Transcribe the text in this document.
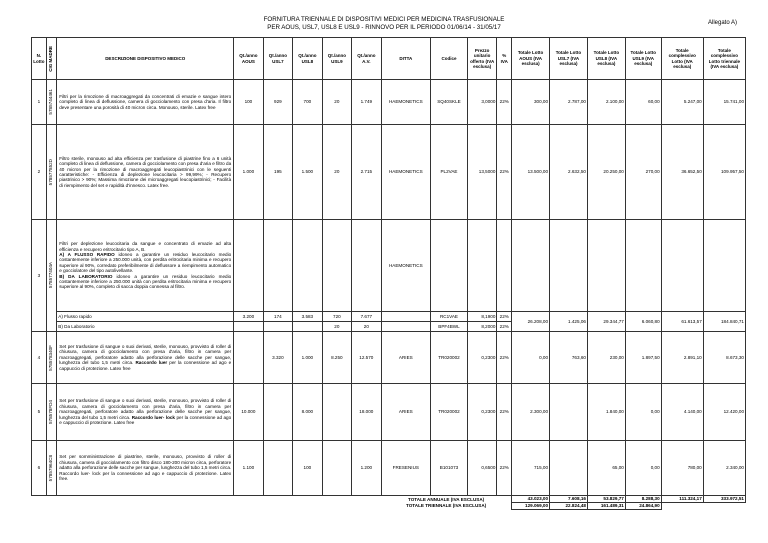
FORNITURA TRIENNALE DI DISPOSITIVI MEDICI PER MEDICINA TRASFUSIONALE
PER AOUS, USL7, USL8 E USL9 - RINNOVO PER IL PERIODO 01/06/14 - 31/05/17
Allegato A)
N. Lotto	CIG MADRE	DESCRIZIONE DISPOSITIVO MEDICO	Qt./anno AOUS	Qt./anno USL7	Qt./anno USL8	Qt./anno USL9	Qt./anno A.V.	DITTA	Codice	Prezzo unitario offerto (IVA esclusa)	% IVA	Totale Lotto AOUS (IVA esclusa)	Totale Lotto USL7 (IVA esclusa)	Totale Lotto USL8 (IVA esclusa)	Totale Lotto USL9 (IVA esclusa)	Totale complessivo Lotto (IVA esclusa)	Totale complessivo Lotto triennale (IVA esclusa)
1	5785744461	Filtri per la rimozione di macroaggregati da concentrati di emazie e sangue intero completo di linea di deflussione, camera di gocciolamento con presa d'aria. Il filtro deve presentare una porosità di 40 micron circa. Monouso, sterile. Latex free	100	929	700	20	1.749	HAEMONETICS	SQ40SKLE	3,0000	22%	300,00	2.787,00	2.100,00	60,00	5.247,00	15.741,00
2	578577852D	Filtro sterile, monouso ad alta efficienza per trasfusione di piastrine fino a 6 unità completo di linea di deflussione, camera di gocciolamento con presa d'aria e filtro da 40 micron per la rimozione di macroaggregati leucopiastrinici con le seguenti caratteristiche: - Efficienza di deplezione leucocitaria > 99,99%; - Recupero piastrinico > 90%; Massima rimozione dei microaggregati leucopiastrinici; - Facilità di riempimento del set e rapidità d'innesco. Latex free.	1.000	195	1.500	20	2.715	HAEMONETICS	PL2VAE	13,5000	22%	13.500,00	2.632,50	20.250,00	270,00	36.652,50	109.957,50
3	578577404A	Filtri per deplezione leucocitaria da sangue e concentrato di emazie ad alta efficienza e recupero eritrocitario tipo A, B.
A) A FLUSSO RAPIDO idoneo a garantire un residuo leucocitario medio costantemente inferiore a 250.000 unità, con perdita eritrocitaria minima e recupero superiore al 90%, corredato preferibilmente di deflussore a riempimento automatico e gocciolatore del tipo autolivellante.
B) DA LABORATORIO idoneo a garantire un residuo leucocitario medio costantemente inferiore a 250.000 unità con perdita eritrocitaria minima e recupero superiore al 90%, completo di sacca doppia connessa al filtro.						HAEMONETICS									
		A) Flusso rapido	3.200	174	3.583	720	7.677		RC1VAE	8,1900	22%	26.208,00	1.425,06	29.344,77	6.060,80	61.613,57	184.840,71
		B) Da Laboratorio				20	20		BPF4BWL	8,2000	22%						
4	578578340F	Set per trasfusione di sangue o suoi derivati, sterile, monouso, provvisto di roller di chiusura, camera di gocciolamento con presa d'aria, filtro in camera per macroaggregati, perforatore adatto alla perforazione delle sacche per sangue, lunghezza del tubo 1,5 metri circa. Raccordo luer per la connessione ad ago e cappuccio di protezione. Latex free		3.320	1.000	8.250	12.570	ARIES	TR020002	0,2300	22%	0,00	763,60	230,00	1.897,50	2.891,10	8.673,30
5	578578FD4	Set per trasfusione di sangue o suoi derivati, sterile, monouso, provvisto di roller di chiusura, camera di gocciolamento con presa d'aria, filtro in camera per macroaggregati, perforatore adatto alla perforazione delle sacche per sangue, lunghezza del tubo 1,5 metri circa. Raccordo luer- lock per la connessione ad ago e cappuccio di protezione. Latex free	10.000		8.000		18.000	ARIES	TR020002	0,2300	22%	2.300,00		1.840,00	0,00	4.140,00	12.420,00
6	57857964C8	Set per somministrazione di piastrine, sterile, monouso, provvisto di roller di chiusura, camera di gocciolamento con filtro disco 180-200 micron circa, perforatore adatto alla perforazione delle sacche per sangue, lunghezza del tubo 1,5 metri circa. Raccordo luer- lock per la connessione ad ago e cappuccio di protezione. Latex free.	1.100		100		1.200	FRESENIUS	B101073	0,6500	22%	715,00		65,00	0,00	780,00	2.340,00
								TOTALE ANNUALE (IVA ESCLUSA)				43.023,00	7.608,16	53.829,77	8.288,30	111.324,17	333.972,51
								TOTALE TRIENNALE (IVA ESCLUSA)				129.069,00	22.824,48	161.489,31	24.864,90		
